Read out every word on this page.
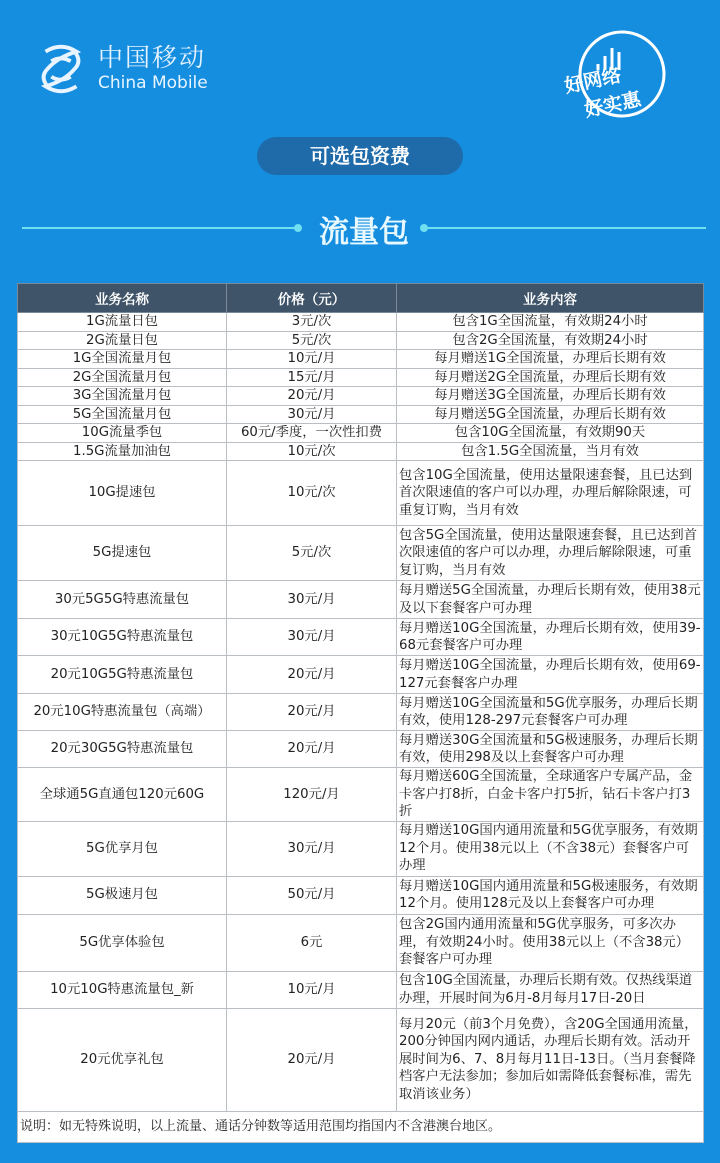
中国移动
China Mobile	好网络
好实惠
可选包资费
流量包
业务名称	价格（元）	业务内容
1G流量日包	3元/次	包含1G全国流量，有效期24小时
2G流量日包	5元/次	包含2G全国流量，有效期24小时
1G全国流量月包	10元/月	每月赠送1G全国流量，办理后长期有效
2G全国流量月包	15元/月	每月赠送2G全国流量，办理后长期有效
3G全国流量月包	20元/月	每月赠送3G全国流量，办理后长期有效
5G全国流量月包	30元/月	每月赠送5G全国流量，办理后长期有效
10G流量季包	60元/季度，一次性扣费	包含10G全国流量，有效期90天
1.5G流量加油包	10元/次	包含1.5G全国流量，当月有效
10G提速包	10元/次	包含10G全国流量，使用达量限速套餐，且已达到首次限速值的客户可以办理，办理后解除限速，可重复订购，当月有效
5G提速包	5元/次	包含5G全国流量，使用达量限速套餐，且已达到首次限速值的客户可以办理，办理后解除限速，可重复订购，当月有效
30元5G5G特惠流量包	30元/月	每月赠送5G全国流量，办理后长期有效，使用38元及以下套餐客户可办理
30元10G5G特惠流量包	30元/月	每月赠送10G全国流量，办理后长期有效，使用39-68元套餐客户可办理
20元10G5G特惠流量包	20元/月	每月赠送10G全国流量，办理后长期有效，使用69-127元套餐客户办理
20元10G特惠流量包（高端）	20元/月	每月赠送10G全国流量和5G优享服务，办理后长期有效，使用128-297元套餐客户可办理
20元30G5G特惠流量包	20元/月	每月赠送30G全国流量和5G极速服务，办理后长期有效，使用298及以上套餐客户可办理
全球通5G直通包120元60G	120元/月	每月赠送60G全国流量，全球通客户专属产品，金卡客户打8折，白金卡客户打5折，钻石卡客户打3折
5G优享月包	30元/月	每月赠送10G国内通用流量和5G优享服务，有效期12个月。使用38元以上（不含38元）套餐客户可办理
5G极速月包	50元/月	每月赠送10G国内通用流量和5G极速服务，有效期12个月。使用128元及以上套餐客户可办理
5G优享体验包	6元	包含2G国内通用流量和5G优享服务，可多次办理，有效期24小时。使用38元以上（不含38元）套餐客户可办理
10元10G特惠流量包_新	10元/月	包含10G全国流量，办理后长期有效。仅热线渠道办理，开展时间为6月-8月每月17日-20日
20元优享礼包	20元/月	每月20元（前3个月免费），含20G全国通用流量，200分钟国内网内通话，办理后长期有效。活动开展时间为6、7、8月每月11日-13日。（当月套餐降档客户无法参加；参加后如需降低套餐标准，需先取消该业务）
说明：如无特殊说明，以上流量、通话分钟数等适用范围均指国内不含港澳台地区。		
